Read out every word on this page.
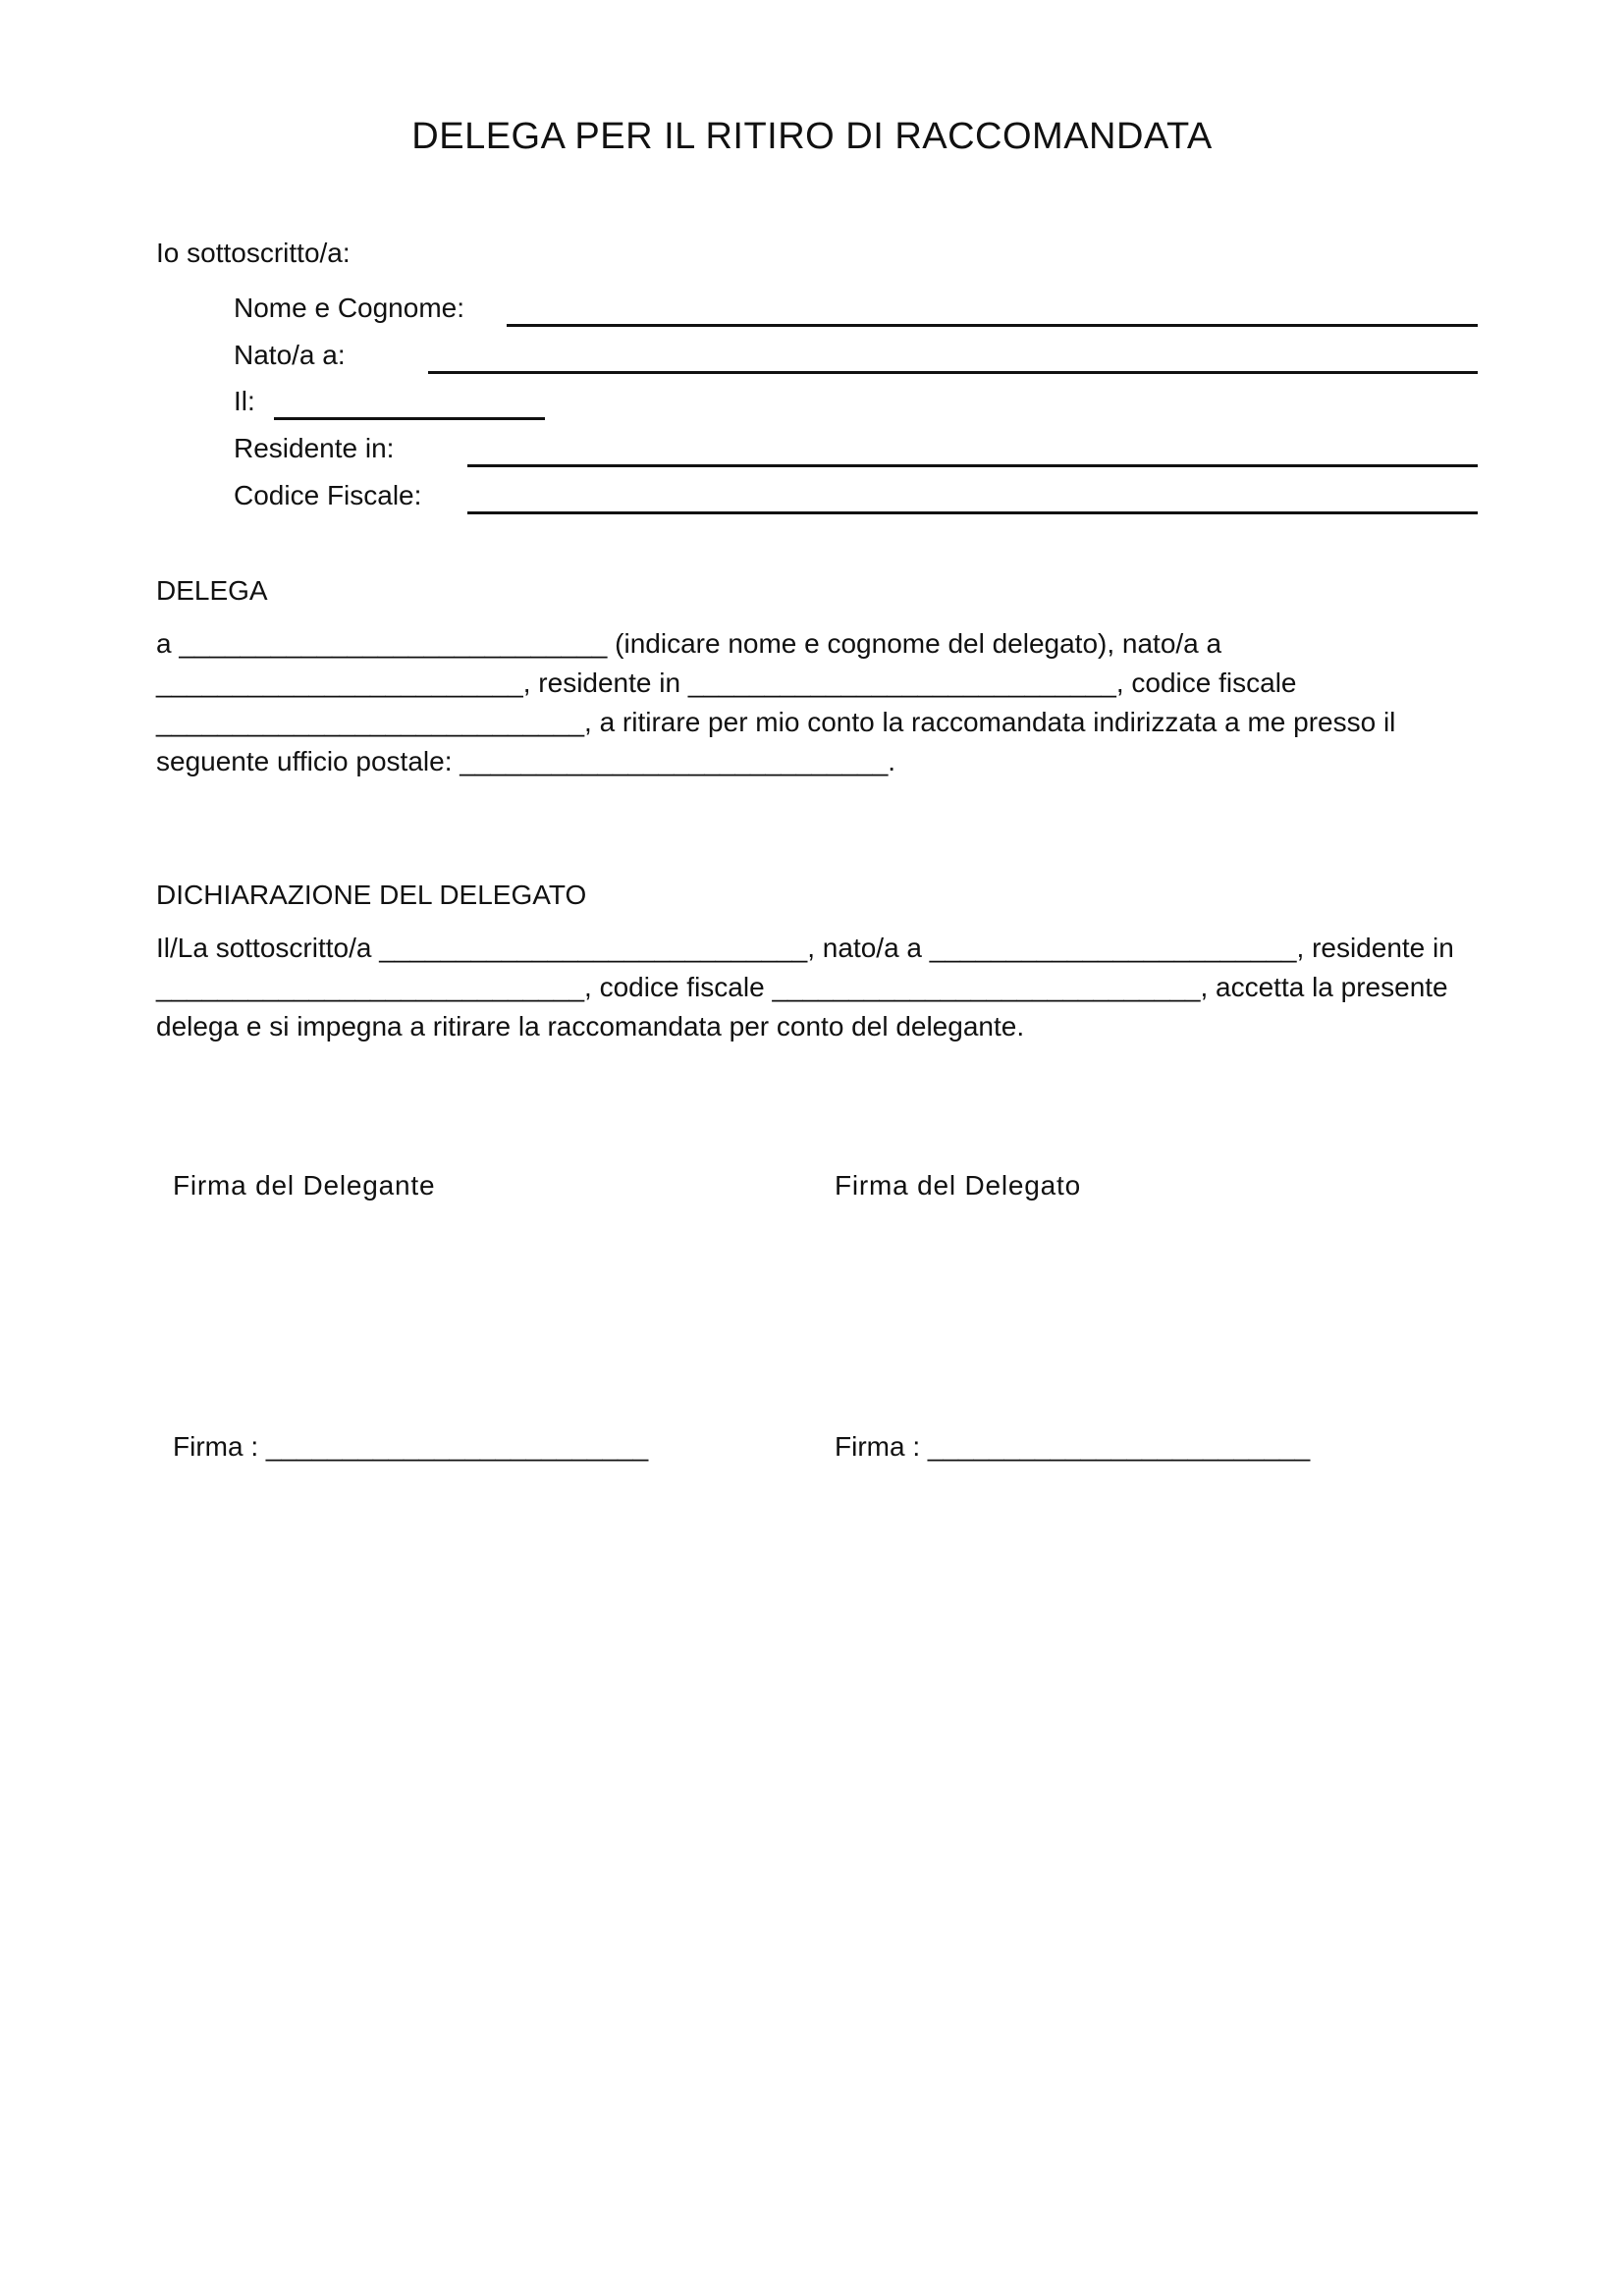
DELEGA PER IL RITIRO DI RACCOMANDATA
Io sottoscritto/a:
Nome e Cognome:
Nato/a a:
Il:
Residente in:
Codice Fiscale:
DELEGA

a ____________________________ (indicare nome e cognome del delegato), nato/a a
________________________, residente in ____________________________, codice fiscale
____________________________, a ritirare per mio conto la raccomandata indirizzata a me presso il
seguente ufficio postale: ____________________________.

DICHIARAZIONE DEL DELEGATO

Il/La sottoscritto/a ____________________________, nato/a a ________________________, residente in
____________________________, codice fiscale ____________________________, accetta la presente
delega e si impegna a ritirare la raccomandata per conto del delegante.

Firma del Delegante	Firma del Delegato
Firma : _________________________	Firma : _________________________
